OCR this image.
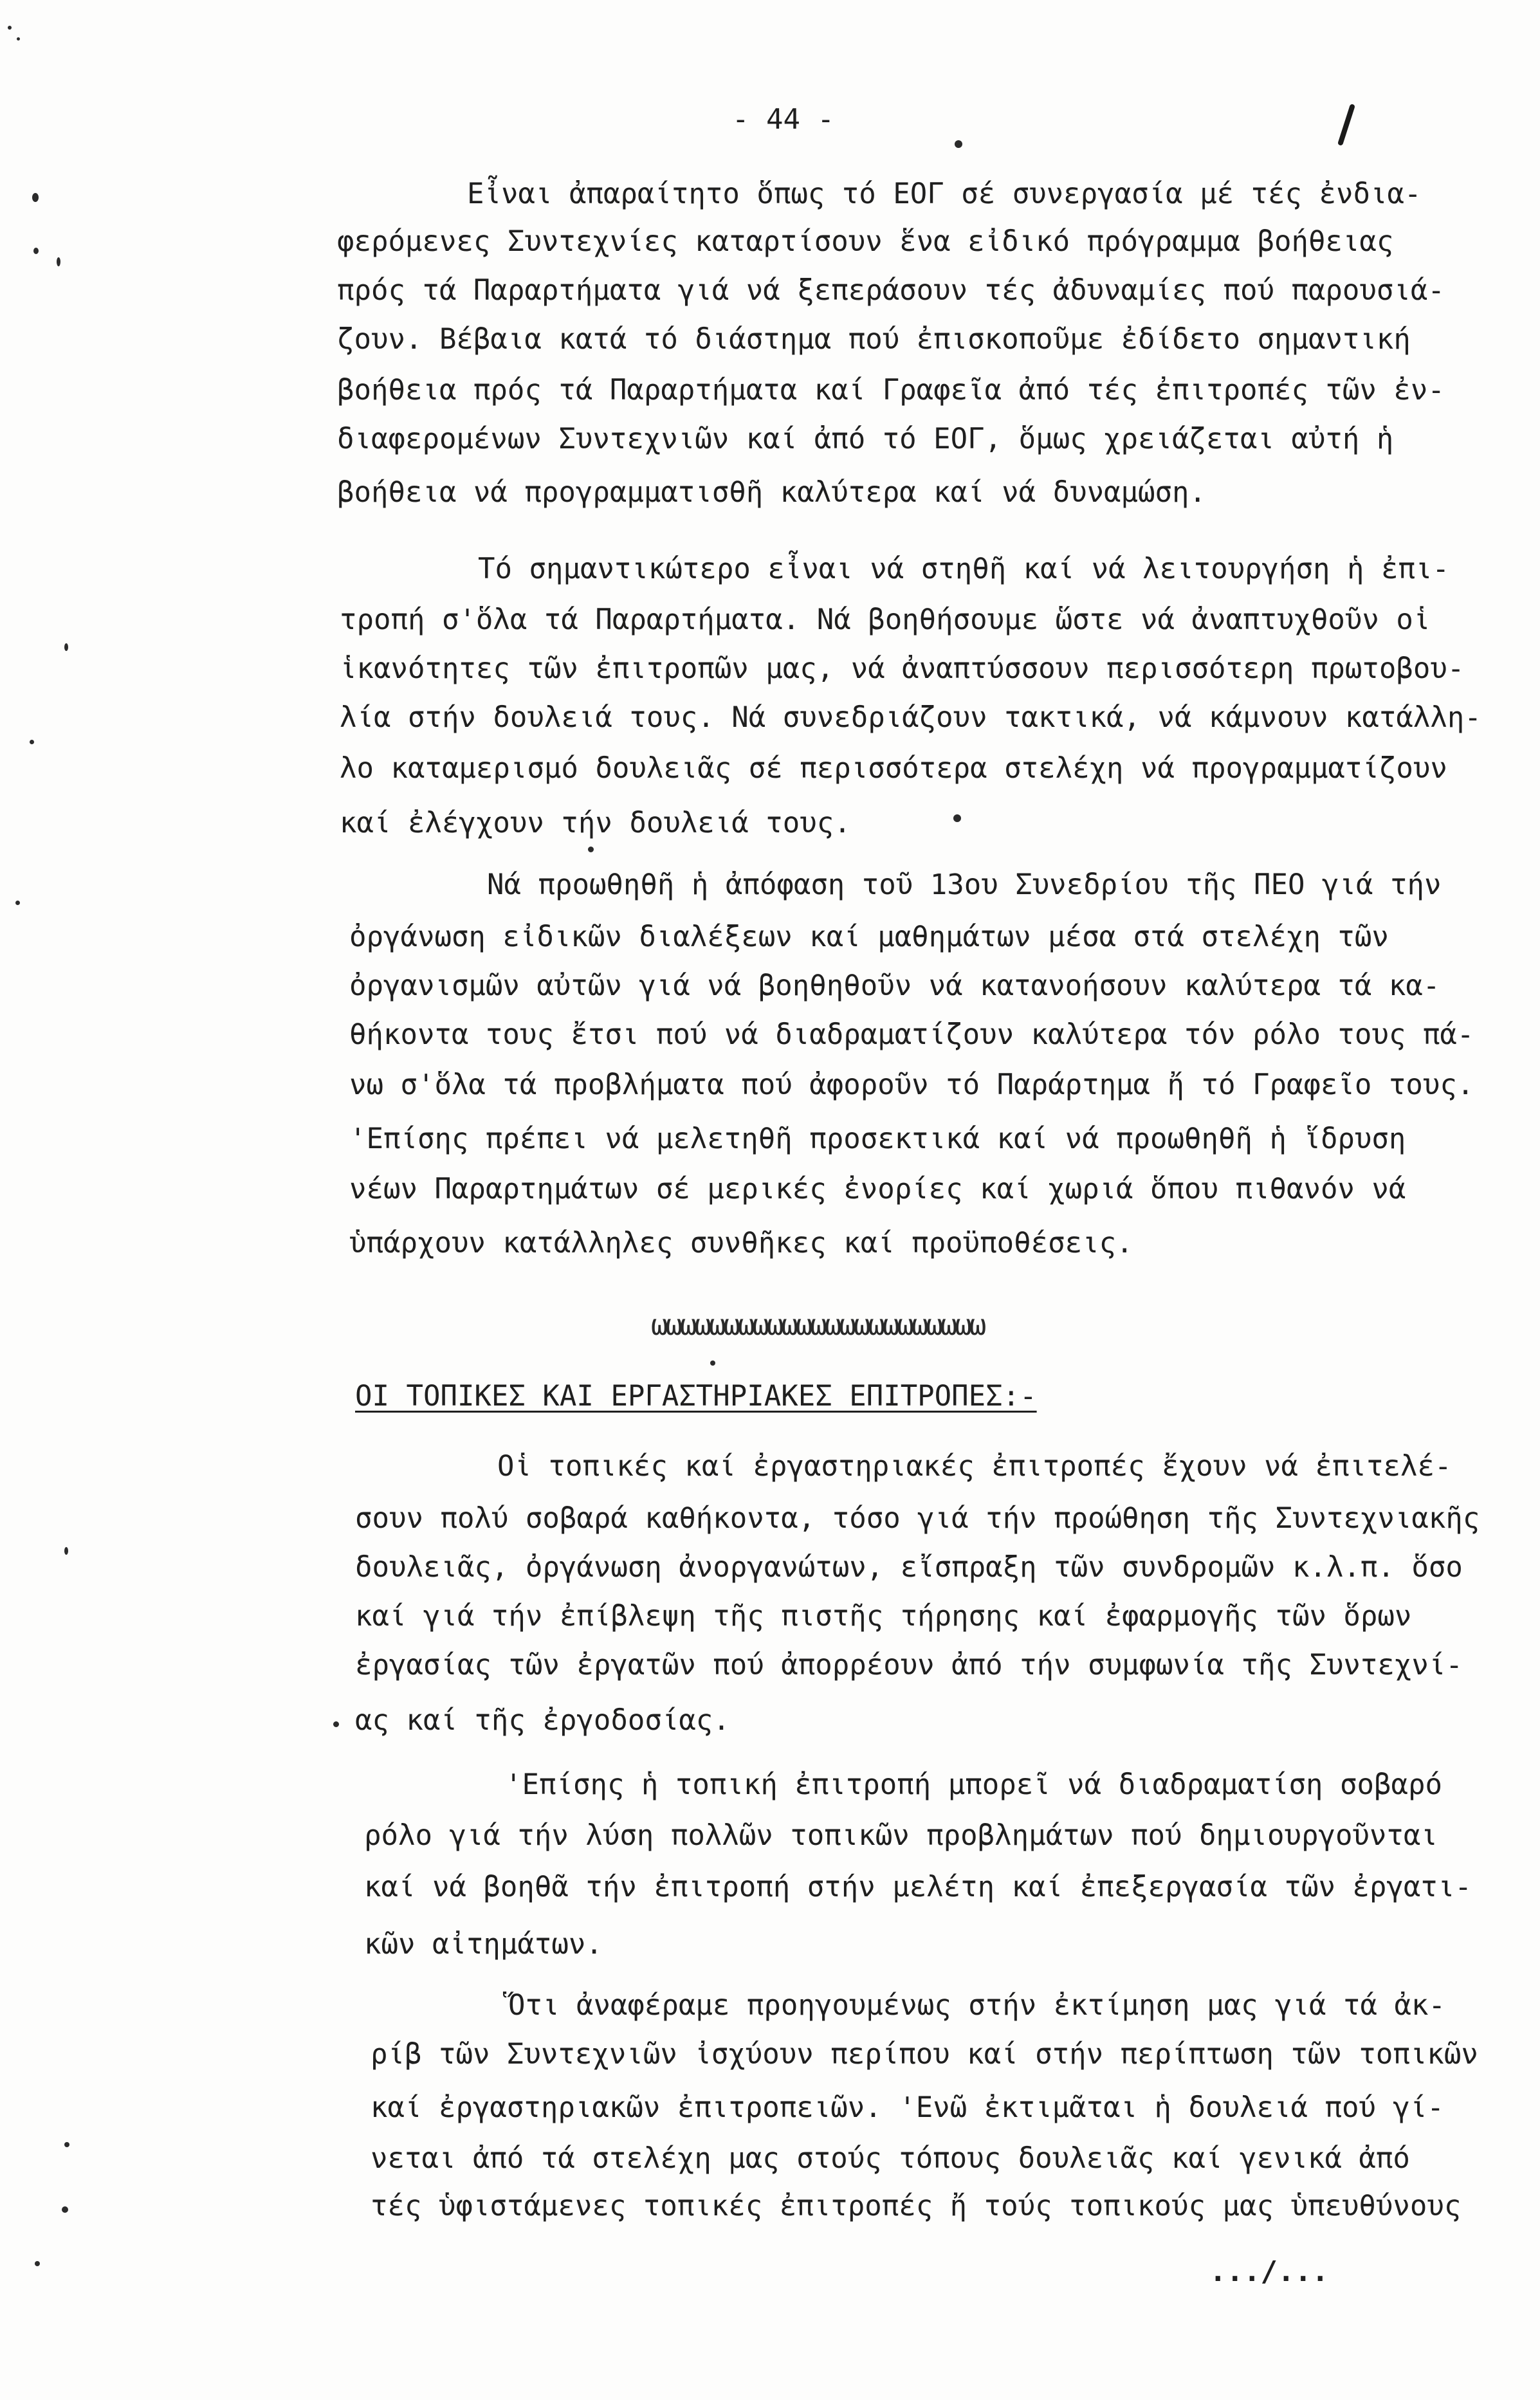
- 44 -
Εἶναι ἀπαραίτητο ὅπως τό ΕΟΓ σέ συνεργασία μέ τές ἐνδια-
φερόμενες Συντεχνίες καταρτίσουν ἕνα εἰδικό πρόγραμμα βοήθειας
πρός τά Παραρτήματα γιά νά ξεπεράσουν τές ἀδυναμίες πού παρουσιά-
ζουν. Βέβαια κατά τό διάστημα πού ἐπισκοποῦμε ἐδίδετο σημαντική
βοήθεια πρός τά Παραρτήματα καί Γραφεῖα ἀπό τές ἐπιτροπές τῶν ἐν-
διαφερομένων Συντεχνιῶν καί ἀπό τό ΕΟΓ, ὅμως χρειάζεται αὐτή ἡ
βοήθεια νά προγραμματισθῆ καλύτερα καί νά δυναμώση.
Τό σημαντικώτερο εἶναι νά στηθῆ καί νά λειτουργήση ἡ ἐπι-
τροπή σ'ὅλα τά Παραρτήματα. Νά βοηθήσουμε ὥστε νά ἀναπτυχθοῦν οἱ
ἱκανότητες τῶν ἐπιτροπῶν μας, νά ἀναπτύσσουν περισσότερη πρωτοβου-
λία στήν δουλειά τους. Νά συνεδριάζουν τακτικά, νά κάμνουν κατάλλη-
λο καταμερισμό δουλειᾶς σέ περισσότερα στελέχη νά προγραμματίζουν
καί ἐλέγχουν τήν δουλειά τους.
Νά προωθηθῆ ἡ ἀπόφαση τοῦ 13ου Συνεδρίου τῆς ΠΕΟ γιά τήν
ὀργάνωση εἰδικῶν διαλέξεων καί μαθημάτων μέσα στά στελέχη τῶν
ὀργανισμῶν αὐτῶν γιά νά βοηθηθοῦν νά κατανοήσουν καλύτερα τά κα-
θήκοντα τους ἔτσι πού νά διαδραματίζουν καλύτερα τόν ρόλο τους πά-
νω σ'ὅλα τά προβλήματα πού ἀφοροῦν τό Παράρτημα ἤ τό Γραφεῖο τους.
'Επίσης πρέπει νά μελετηθῆ προσεκτικά καί νά προωθηθῆ ἡ ἵδρυση
νέων Παραρτημάτων σέ μερικές ἐνορίες καί χωριά ὅπου πιθανόν νά
ὑπάρχουν κατάλληλες συνθῆκες καί προϋποθέσεις.
ωωωωωωωωωωωωωωωωωωωωωωω
ΟΙ ΤΟΠΙΚΕΣ ΚΑΙ ΕΡΓΑΣΤΗΡΙΑΚΕΣ ΕΠΙΤΡΟΠΕΣ:-
Οἱ τοπικές καί ἐργαστηριακές ἐπιτροπές ἔχουν νά ἐπιτελέ-
σουν πολύ σοβαρά καθήκοντα, τόσο γιά τήν προώθηση τῆς Συντεχνιακῆς
δουλειᾶς, ὀργάνωση ἀνοργανώτων, εἴσπραξη τῶν συνδρομῶν κ.λ.π. ὅσο
καί γιά τήν ἐπίβλεψη τῆς πιστῆς τήρησης καί ἐφαρμογῆς τῶν ὅρων
ἐργασίας τῶν ἐργατῶν πού ἀπορρέουν ἀπό τήν συμφωνία τῆς Συντεχνί-
ας καί τῆς ἐργοδοσίας.
'Επίσης ἡ τοπική ἐπιτροπή μπορεῖ νά διαδραματίση σοβαρό
ρόλο γιά τήν λύση πολλῶν τοπικῶν προβλημάτων πού δημιουργοῦνται
καί νά βοηθᾶ τήν ἐπιτροπή στήν μελέτη καί ἐπεξεργασία τῶν ἐργατι-
κῶν αἰτημάτων.
Ὅτι ἀναφέραμε προηγουμένως στήν ἐκτίμηση μας γιά τά ἀκ-
ρίβ τῶν Συντεχνιῶν ἰσχύουν περίπου καί στήν περίπτωση τῶν τοπικῶν
καί ἐργαστηριακῶν ἐπιτροπειῶν. 'Ενῶ ἐκτιμᾶται ἡ δουλειά πού γί-
νεται ἀπό τά στελέχη μας στούς τόπους δουλειᾶς καί γενικά ἀπό
τές ὑφιστάμενες τοπικές ἐπιτροπές ἤ τούς τοπικούς μας ὑπευθύνους
.../...
